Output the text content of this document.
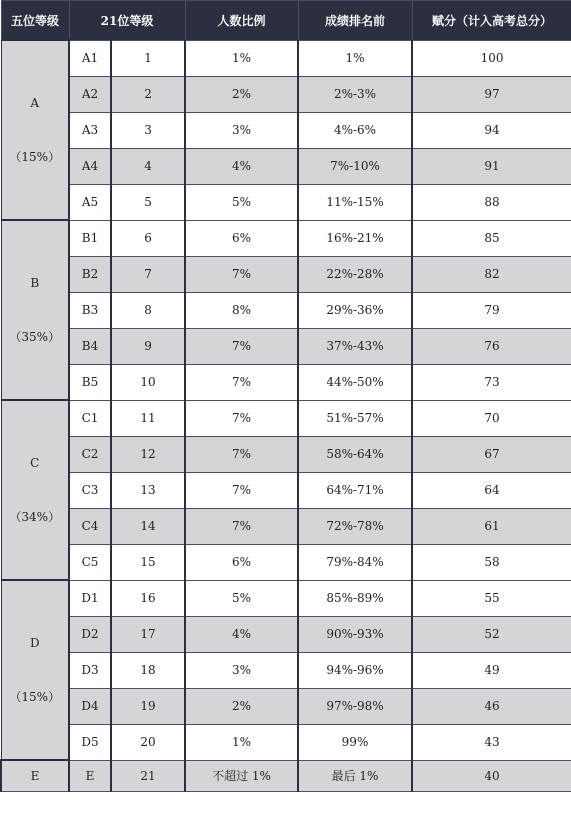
五位等级	21位等级		人数比例	成绩排名前	赋分（计入高考总分）

A
（15%）	A1	1	1%	1%	100
	A2	2	2%	2%-3%	97
	A3	3	3%	4%-6%	94
	A4	4	4%	7%-10%	91
	A5	5	5%	11%-15%	88

B
（35%）	B1	6	6%	16%-21%	85
	B2	7	7%	22%-28%	82
	B3	8	8%	29%-36%	79
	B4	9	7%	37%-43%	76
	B5	10	7%	44%-50%	73

C
（34%）	C1	11	7%	51%-57%	70
	C2	12	7%	58%-64%	67
	C3	13	7%	64%-71%	64
	C4	14	7%	72%-78%	61
	C5	15	6%	79%-84%	58

D
（15%）	D1	16	5%	85%-89%	55
	D2	17	4%	90%-93%	52
	D3	18	3%	94%-96%	49
	D4	19	2%	97%-98%	46
	D5	20	1%	99%	43
E	E	21	不超过 1%	最后 1%	40
